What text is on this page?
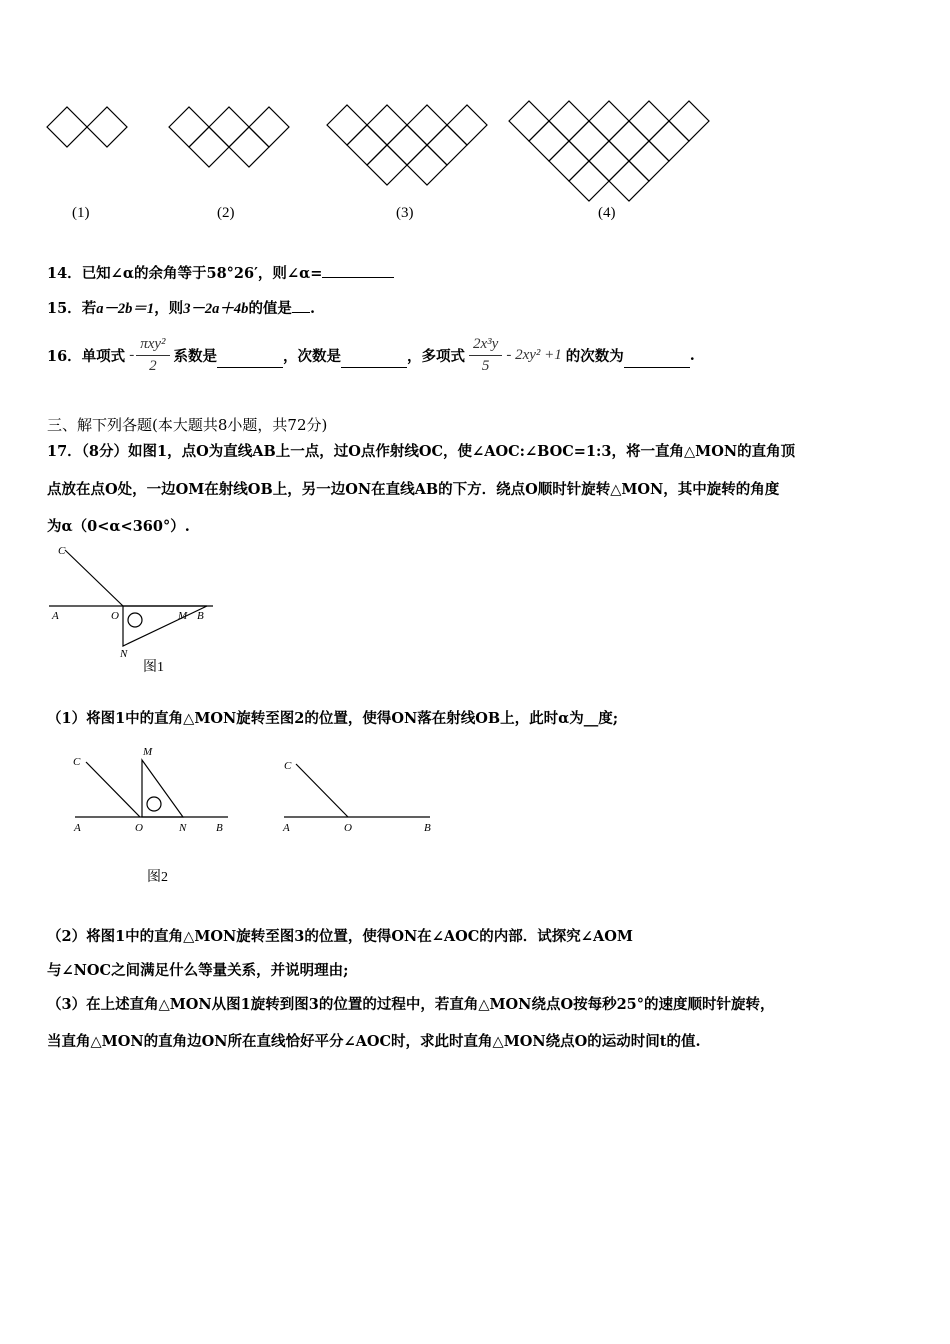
(1)	(2)	(3)	(4)
14．已知∠α的余角等于58°26′，则∠α=
15．若a－2b＝1，则3－2a＋4b的值是 .
16． 单项式 - $\frac{\text{πxy²}}{2}$ 系数是	，次数是	，多项式 $\frac{\text{2x³y}}{5} - 2xy^2 +1$ 的次数为	.
三、解下列各题(本大题共8小题，共72分)
17．（8分）如图1，点O为直线AB上一点，过O点作射线OC，使∠AOC:∠BOC=1:3，将一直角△MON的直角顶
点放在点O处，一边OM在射线OB上，另一边ON在直线AB的下方．绕点O顺时针旋转△MON，其中旋转的角度
为α（0<α<360°）.
C
A	O	M B
N
图1
（1）将图1中的直角△MON旋转至图2的位置，使得ON落在射线OB上，此时α为__度;
C
M
A	O	N	B
C
A	O	B
图2
（2）将图1中的直角△MON旋转至图3的位置，使得ON在∠AOC的内部．试探究∠AOM
与∠NOC之间满足什么等量关系，并说明理由;
（3）在上述直角△MON从图1旋转到图3的位置的过程中，若直角△MON绕点O按每秒25°的速度顺时针旋转，
当直角△MON的直角边ON所在直线恰好平分∠AOC时，求此时直角△MON绕点O的运动时间t的值.
